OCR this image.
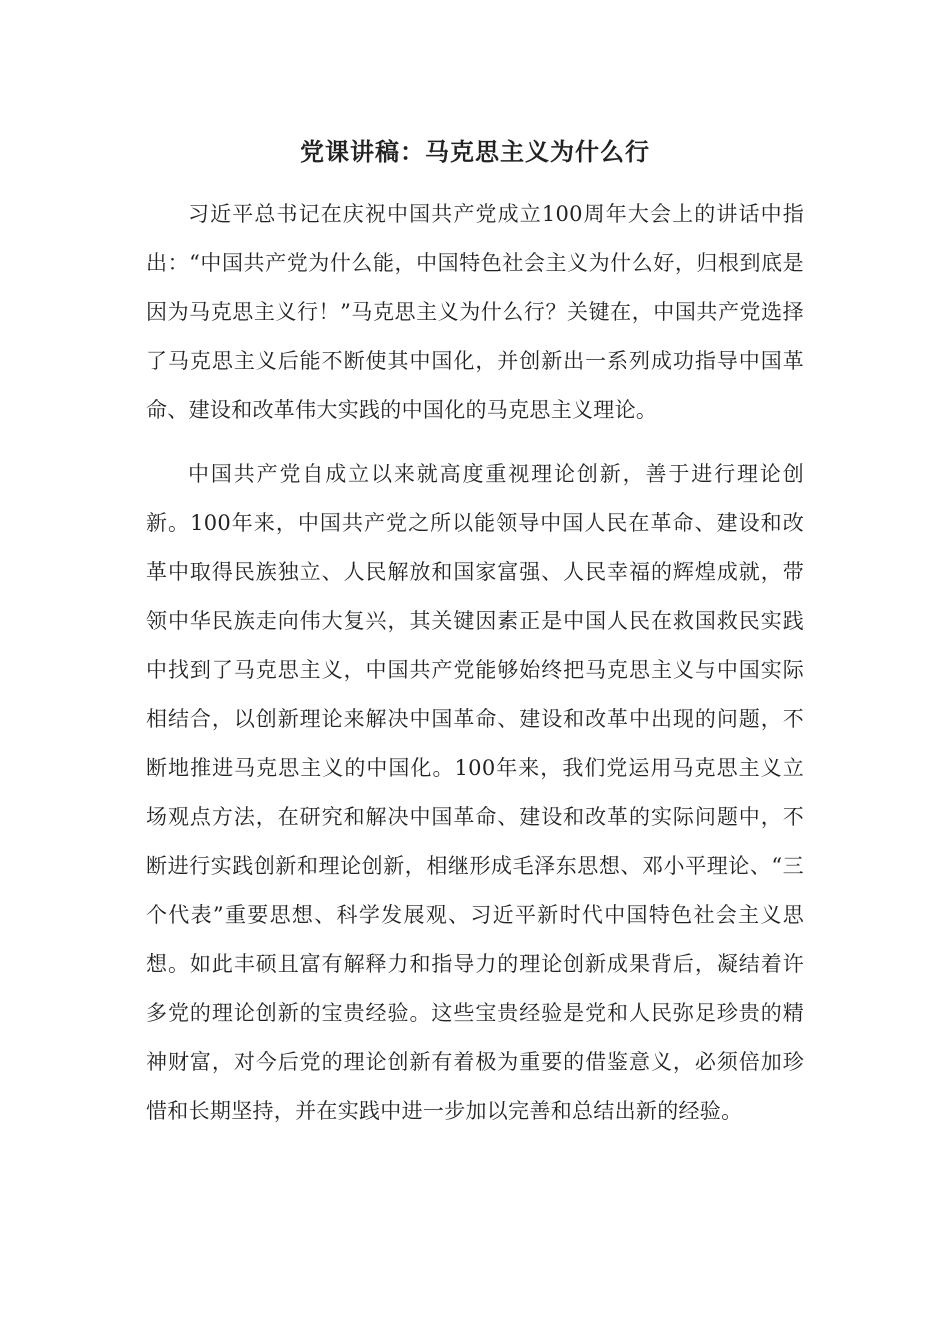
党课讲稿：马克思主义为什么行

习近平总书记在庆祝中国共产党成立100周年大会上的讲话中指出：“中国共产党为什么能，中国特色社会主义为什么好，归根到底是因为马克思主义行！”马克思主义为什么行？关键在，中国共产党选择了马克思主义后能不断使其中国化，并创新出一系列成功指导中国革命、建设和改革伟大实践的中国化的马克思主义理论。

中国共产党自成立以来就高度重视理论创新，善于进行理论创新。100年来，中国共产党之所以能领导中国人民在革命、建设和改革中取得民族独立、人民解放和国家富强、人民幸福的辉煌成就，带领中华民族走向伟大复兴，其关键因素正是中国人民在救国救民实践中找到了马克思主义，中国共产党能够始终把马克思主义与中国实际相结合，以创新理论来解决中国革命、建设和改革中出现的问题，不断地推进马克思主义的中国化。100年来，我们党运用马克思主义立场观点方法，在研究和解决中国革命、建设和改革的实际问题中，不断进行实践创新和理论创新，相继形成毛泽东思想、邓小平理论、“三个代表”重要思想、科学发展观、习近平新时代中国特色社会主义思想。如此丰硕且富有解释力和指导力的理论创新成果背后，凝结着许多党的理论创新的宝贵经验。这些宝贵经验是党和人民弥足珍贵的精神财富，对今后党的理论创新有着极为重要的借鉴意义，必须倍加珍惜和长期坚持，并在实践中进一步加以完善和总结出新的经验。
